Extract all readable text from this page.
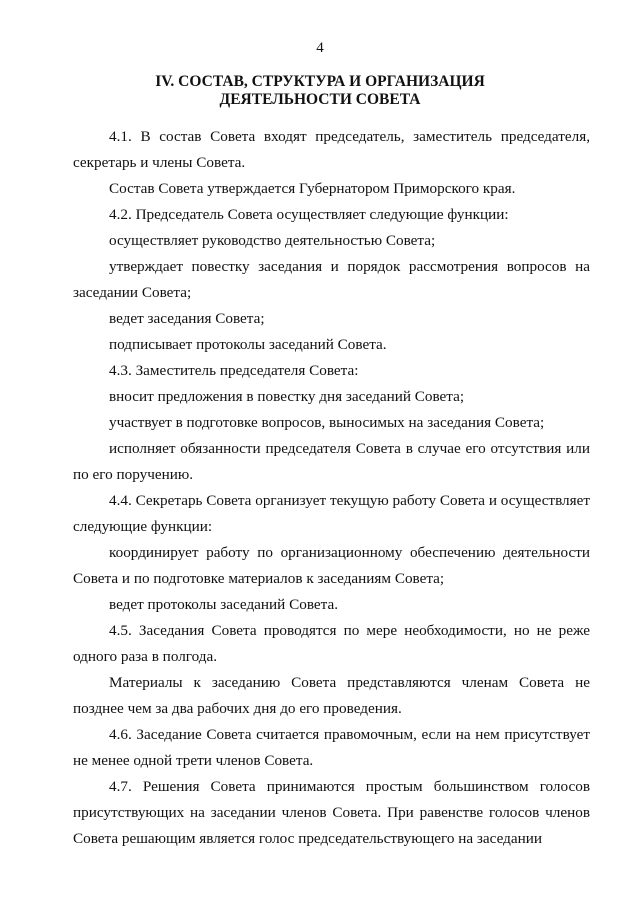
4
IV. СОСТАВ, СТРУКТУРА И ОРГАНИЗАЦИЯ
ДЕЯТЕЛЬНОСТИ СОВЕТА

4.1. В состав Совета входят председатель, заместитель председателя, секретарь и члены Совета.

Состав Совета утверждается Губернатором Приморского края.

4.2. Председатель Совета осуществляет следующие функции:

осуществляет руководство деятельностью Совета;

утверждает повестку заседания и порядок рассмотрения вопросов на заседании Совета;

ведет заседания Совета;

подписывает протоколы заседаний Совета.

4.3. Заместитель председателя Совета:

вносит предложения в повестку дня заседаний Совета;

участвует в подготовке вопросов, выносимых на заседания Совета;

исполняет обязанности председателя Совета в случае его отсутствия или по его поручению.

4.4. Секретарь Совета организует текущую работу Совета и осуществляет следующие функции:

координирует работу по организационному обеспечению деятельности Совета и по подготовке материалов к заседаниям Совета;

ведет протоколы заседаний Совета.

4.5. Заседания Совета проводятся по мере необходимости, но не реже одного раза в полгода.

Материалы к заседанию Совета представляются членам Совета не позднее чем за два рабочих дня до его проведения.

4.6. Заседание Совета считается правомочным, если на нем присутствует не менее одной трети членов Совета.

4.7. Решения Совета принимаются простым большинством голосов присутствующих на заседании членов Совета. При равенстве голосов членов Совета решающим является голос председательствующего на заседании
